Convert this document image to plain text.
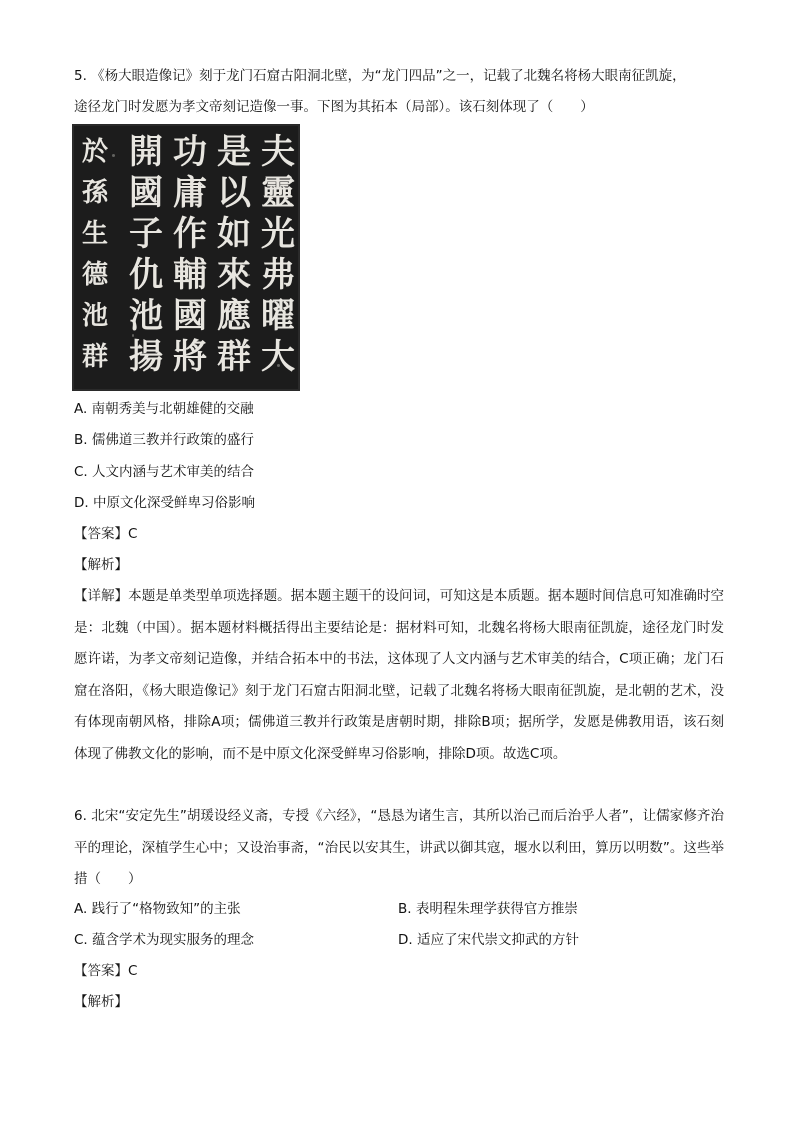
5. 《杨大眼造像记》刻于龙门石窟古阳洞北壁，为“龙门四品”之一，记载了北魏名将杨大眼南征凯旋，
途径龙门时发愿为孝文帝刻记造像一事。下图为其拓本（局部）。该石刻体现了（　　）
夫
靈
光
弗
曜
大
是
以
如
來
應
群
功
庸
作
輔
國
將
開
國
子
仇
池
揚
於
孫
生
德
池
群
A. 南朝秀美与北朝雄健的交融
B. 儒佛道三教并行政策的盛行
C. 人文内涵与艺术审美的结合
D. 中原文化深受鲜卑习俗影响
【答案】C
【解析】
【详解】本题是单类型单项选择题。据本题主题干的设问词，可知这是本质题。据本题时间信息可知准确时空是：北魏（中国）。据本题材料概括得出主要结论是：据材料可知，北魏名将杨大眼南征凯旋，途径龙门时发愿许诺，为孝文帝刻记造像，并结合拓本中的书法，这体现了人文内涵与艺术审美的结合，C项正确；龙门石窟在洛阳，《杨大眼造像记》刻于龙门石窟古阳洞北壁，记载了北魏名将杨大眼南征凯旋，是北朝的艺术，没有体现南朝风格，排除A项；儒佛道三教并行政策是唐朝时期，排除B项；据所学，发愿是佛教用语，该石刻体现了佛教文化的影响，而不是中原文化深受鲜卑习俗影响，排除D项。故选C项。
6. 北宋“安定先生”胡瑗设经义斋，专授《六经》，“恳恳为诸生言，其所以治己而后治乎人者”，让儒家修齐治平的理论，深植学生心中；又设治事斋，“治民以安其生，讲武以御其寇，堰水以利田，算历以明数”。这些举措（　　）
A. 践行了“格物致知”的主张	B. 表明程朱理学获得官方推崇
C. 蕴含学术为现实服务的理念	D. 适应了宋代崇文抑武的方针
【答案】C
【解析】
